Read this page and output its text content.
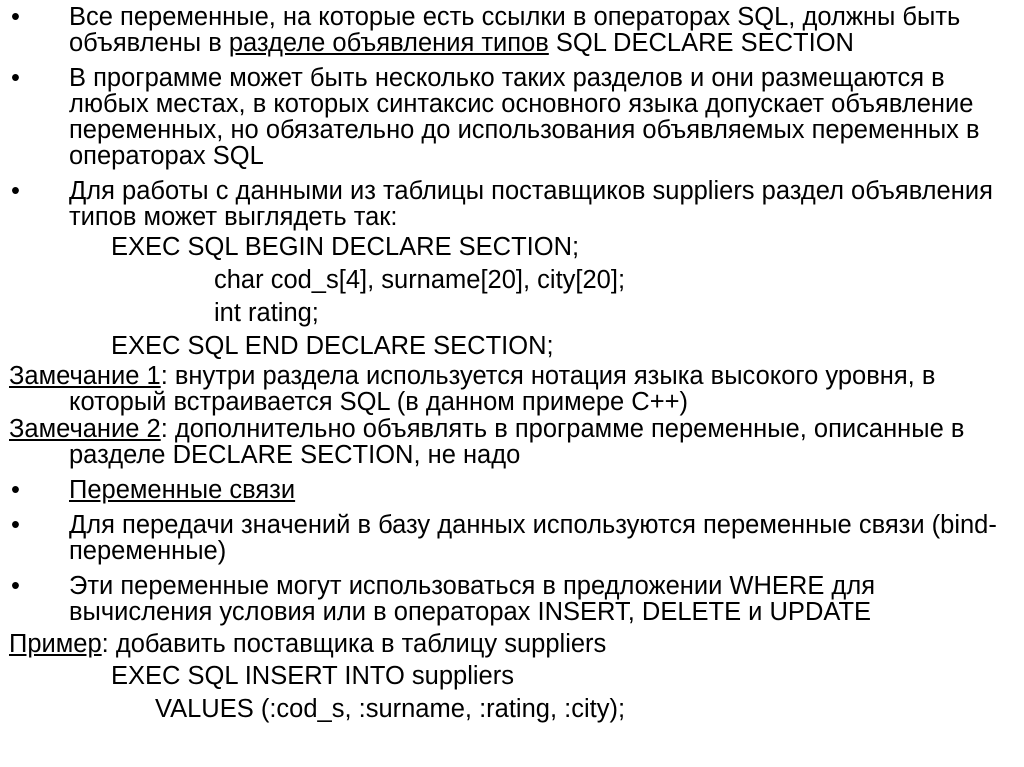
• Все переменные, на которые есть ссылки в операторах SQL, должны быть объявлены в разделе объявления типов SQL DECLARE SECTION
• В программе может быть несколько таких разделов и они размещаются в любых местах, в которых синтаксис основного языка допускает объявление переменных, но обязательно до использования объявляемых переменных в операторах SQL
• Для работы с данными из таблицы поставщиков suppliers раздел объявления типов может выглядеть так:
EXEC SQL BEGIN DECLARE SECTION;
char cod_s[4], surname[20], city[20];
int rating;
EXEC SQL END DECLARE SECTION;
Замечание 1: внутри раздела используется нотация языка высокого уровня, в который встраивается SQL (в данном примере С++)
Замечание 2: дополнительно объявлять в программе переменные, описанные в разделе DECLARE SECTION, не надо
• Переменные связи
• Для передачи значений в базу данных используются переменные связи (bind-переменные)
• Эти переменные могут использоваться в предложении WHERE для вычисления условия или в операторах INSERT, DELETE и UPDATE
Пример: добавить поставщика в таблицу suppliers
EXEC SQL INSERT INTO suppliers
VALUES (:cod_s, :surname, :rating, :city);
